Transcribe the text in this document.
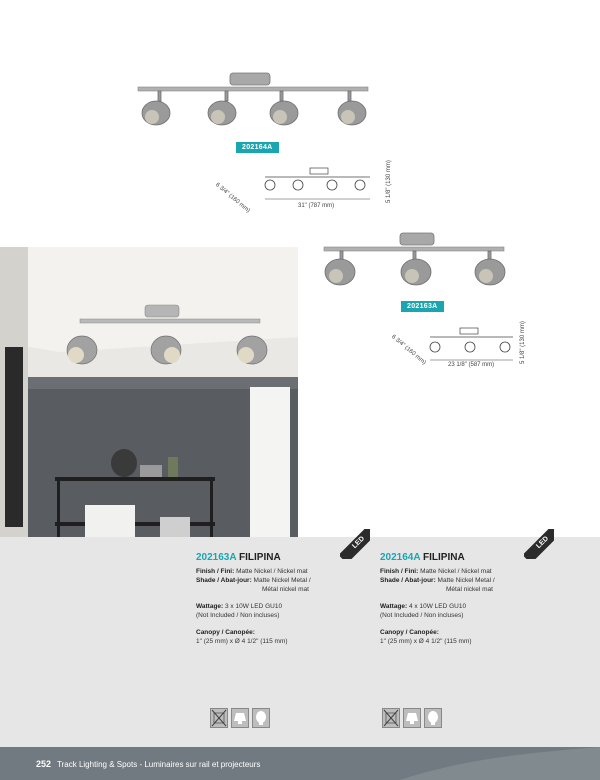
202164A
6 3/4" (160 mm)	31" (787 mm)
5 1/8" (130 mm)
202163A
6 3/4" (160 mm)	23 1/8" (587 mm)
5 1/8" (130 mm)
LED	LED
202163A FILIPINA
Finish / Fini: Matte Nickel / Nickel mat
Shade / Abat-jour: Matte Nickel Metal /
Métal nickel mat
Wattage: 3 x 10W LED GU10
(Not Included / Non incluses)
Canopy / Canopée:
1" (25 mm) x Ø 4 1/2" (115 mm)
202164A FILIPINA
Finish / Fini: Matte Nickel / Nickel mat
Shade / Abat-jour: Matte Nickel Metal /
Métal nickel mat
Wattage: 4 x 10W LED GU10
(Not Included / Non incluses)
Canopy / Canopée:
1" (25 mm) x Ø 4 1/2" (115 mm)
252 Track Lighting & Spots - Luminaires sur rail et projecteurs
